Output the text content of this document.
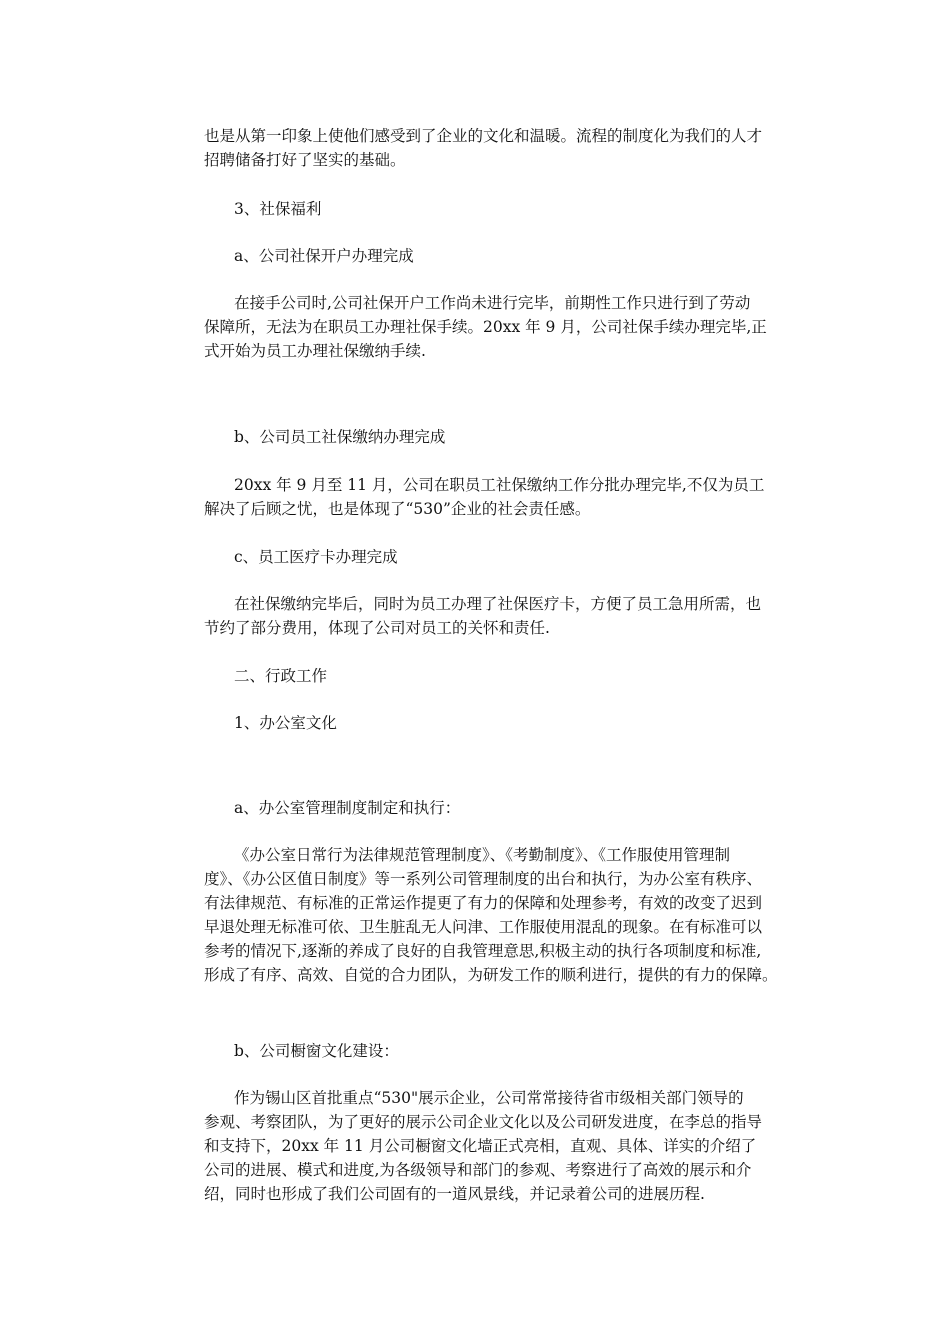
也是从第一印象上使他们感受到了企业的文化和温暖。流程的制度化为我们的人才
招聘储备打好了坚实的基础。
3、社保福利
a、公司社保开户办理完成
在接手公司时,公司社保开户工作尚未进行完毕，前期性工作只进行到了劳动
保障所，无法为在职员工办理社保手续。20xx 年 9 月，公司社保手续办理完毕,正
式开始为员工办理社保缴纳手续.
b、公司员工社保缴纳办理完成
20xx 年 9 月至 11 月，公司在职员工社保缴纳工作分批办理完毕,不仅为员工
解决了后顾之忧，也是体现了“530”企业的社会责任感。
c、员工医疗卡办理完成
在社保缴纳完毕后，同时为员工办理了社保医疗卡，方便了员工急用所需，也
节约了部分费用，体现了公司对员工的关怀和责任.
二、行政工作
1、办公室文化
a、办公室管理制度制定和执行：
《办公室日常行为法律规范管理制度》、《考勤制度》、《工作服使用管理制
度》、《办公区值日制度》等一系列公司管理制度的出台和执行，为办公室有秩序、
有法律规范、有标准的正常运作提更了有力的保障和处理参考，有效的改变了迟到
早退处理无标准可依、卫生脏乱无人问津、工作服使用混乱的现象。在有标准可以
参考的情况下,逐渐的养成了良好的自我管理意思,积极主动的执行各项制度和标准,
形成了有序、高效、自觉的合力团队，为研发工作的顺利进行，提供的有力的保障。
b、公司橱窗文化建设：
作为锡山区首批重点“530"展示企业，公司常常接待省市级相关部门领导的
参观、考察团队，为了更好的展示公司企业文化以及公司研发进度，在李总的指导
和支持下，20xx 年 11 月公司橱窗文化墙正式亮相，直观、具体、详实的介绍了
公司的进展、模式和进度,为各级领导和部门的参观、考察进行了高效的展示和介
绍，同时也形成了我们公司固有的一道风景线，并记录着公司的进展历程.
